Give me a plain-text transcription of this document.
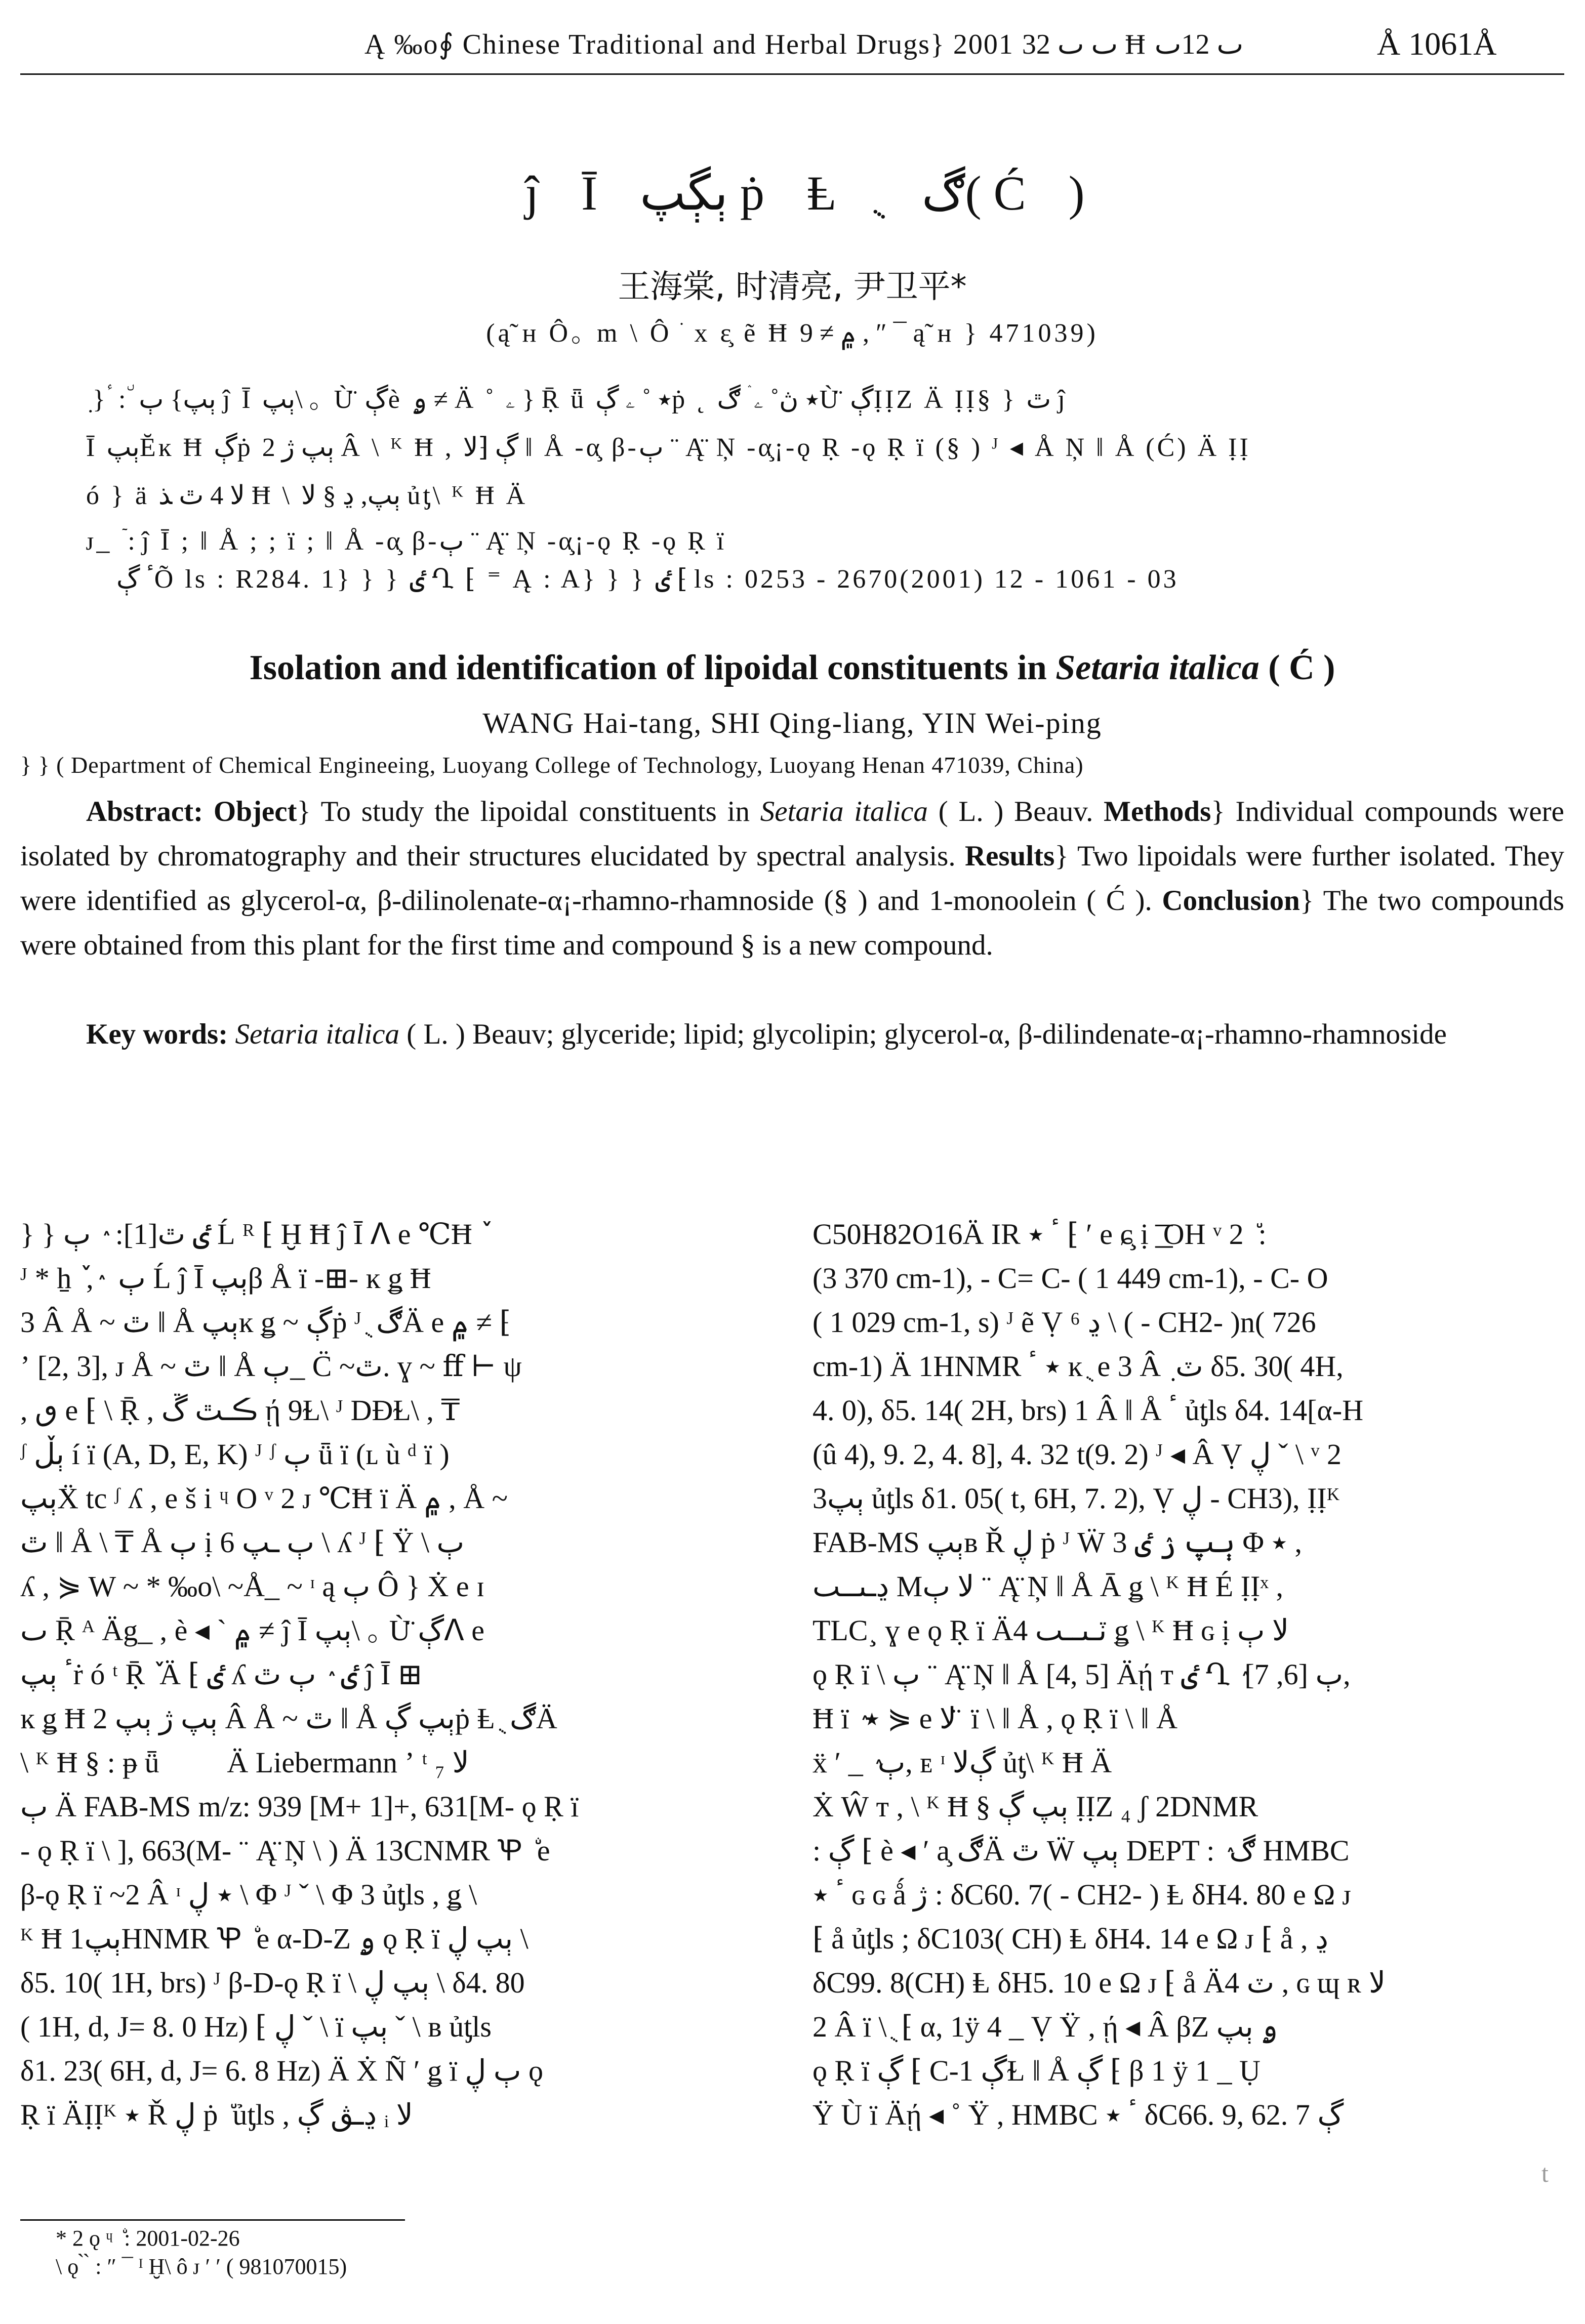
Ą ‰o∮ Chinese Traditional and Herbal Drugs} 2001 ٮ ٮ 32 Ħ ٮ 12ٮ	Å 1061Å
ĵ Ī ٻڳپ ṗ Ⱡ ֻ ڰ( Ć )
王海棠, 时清亮, 尹卫平*
(ą̃ ʜ Ô｡ m \ Ô ֺ x ε̧ ẽ Ħ ۾ ≠ 9 , ″ ¯ ą̃ ʜ } 471039)
ٜ } ٔ : ٘ ٻپ} ٻ ĵ Ī ٻپ\ ｡ Ù̈ ڳè ۄ ≠ Ä ˚ ۦ } Ṝ ǖ ٭ ˚ ۦ ڳṗ ˛ ٭ ڽ˚ ۦ ۛ ڰÙ̈ ڳỊỊZ Ä ỊỊ§ } ٿ ĵ
Ī ٻپĔĸ Ħ ڳṗ ٻپ ژ 2 Â \ ᴷ Ħ , ڳ ⁅ﻻ ǁ Å -α̧ β-ٻ ¨ Ą̈ Ņ -α̧¡-ǫ Ṛ -ǫ Ṛ ï (§ ) ᴶ ◂ Å Ņ ǁ Å (Ć) Ä ỊỊ
ó } ä ﻻ 4 ٿ ﺬ Ħ \ ٻپ, ڍ § ﻻ ủƫ\ ᴷ Ħ Ä
ᴊ_ ٙ : ĵ Ī ; ǁ Å ; ; ï ; ǁ Å -α̧ β-ٻ ¨ Ą̈ Ņ -α̧¡-ǫ Ṛ -ǫ Ṛ ï
ٴ ڳÕ ls : R284. 1} } } ٸ Ղ ⁅ ⁼ Ą : A} } } ٸ ⁅ ls : 0253 - 2670(2001) 12 - 1061 - 03
Isolation and identification of lipoidal constituents in Setaria italica ( Ć )
WANG Hai-tang, SHI Qing-liang, YIN Wei-ping
} } ( Department of Chemical Engineeing, Luoyang College of Technology, Luoyang Henan 471039, China)

Abstract: Object} To study the lipoidal constituents in Setaria italica ( L. ) Beauv. Methods} Individual compounds were isolated by chromatography and their structures elucidated by spectral analysis. Results} Two lipoidals were further isolated. They were identified as glycerol-α, β-dilinolenate-α¡-rhamno-rhamnoside (§ ) and 1-monoolein ( Ć ). Conclusion} The two compounds were obtained from this plant for the first time and compound § is a new compound.

Key words: Setaria italica ( L. ) Beauv; glyceride; lipid; glycolipin; glycerol-α, β-dilindenate-α¡-rhamno-rhamnoside

} } ٸ ٿ[1]: ٛ ٻ Ĺ ᴿ ⁅ Ḫ Ħ ĵ Ī ⴷ e ℃Ħ ٚ
ᴶ * ẖ ٚ , ٛ ٻ Ĺ ĵ Ī ٻپβ Å ï -⊞- ĸ ǥ Ħ
3 Â Å ~ ٿ ǁ Å ٻپĸ ǥ ~ ڳṗ ᴶ ֻ ڰÄ e ۾ ≠ ⁅
ʼ [2, 3], ᴊ Å ~ ٿ ǁ Å ٻ_ C̈ ~ٿ. ɣ ~ ﬀ ⊢ ψ
, ٯ e ⁅ \ Ṝ , ڪـٿ ڱ ῄ 9Ɫ\ ᴶ DƉⱢ\ , ₸
ᶴ ٻڵ í ï (A, D, E, K) ᴶ ᶴ ٻ ǖ ï (ʟ ù ᵈ ï )
ٻپẌ tc ᶴ ʎ , e š i ᶣ O ᵛ 2 ᴊ ℃Ħ ï Ä ۾ , Å ~
ٿ ǁ Å \ ₸ Å ٻ ị 6 ٻ ـپ \ ʎ ᴶ ⁅ Ÿ \ ٻ
ʎ , ⋟ W ~ * ‰o\ ~Å_ ~ ᶦ ą ٻ Ô } Ẋ e ɪ
ٮ Ṝ ᴬ Äg_ , è ◂ ` ۾ ≠ ĵ Ī ٻپ\ ｡ Ù̈ ڳⴷ e
ٴ ٻپṙ ó ᵗ Ṝ ٚ Ä ⁅ ٸ ʎ ٸ ٛ ٻ ٿ ĵ Ī ⊞
ĸ ǥ Ħ ٻپ ژ ٻپ 2 Â Å ~ ٿ ǁ Å ٻپ ڳṗ Ⱡ ֻ ڰÄ
\ ᴷ Ħ § : ᵽ ǖ ٘ ۧ Ä Liebermann ʼ ᵗ ﻻ ₇
ٻ Ä FAB-MS m/z: 939 [M+ 1]+, 631[M- ǫ Ṛ ï
- ǫ Ṛ ï \ ], 663(M- ¨ Ą̈ Ņ \ ) Ä 13CNMR Ꝕ ۨ e
β-ǫ Ṛ ï ~2 Â ᶦ ٭ ڸ \ Φ ᴶ ˇ \ Φ 3 ủƫls , ǥ \
ᴷ Ħ ٻپ1HNMR Ꝕ ۨ e α-D-Z ۄ ǫ Ṛ ï ٻپ ڸ \
δ5. 10( 1H, brs) ᴶ β-D-ǫ Ṛ ï \ ٻپ ڸ \ δ4. 80
( 1H, d, J= 8. 0 Hz) ⁅ ڸ ˇ \ ï ٻپ ˇ \ ʙ ủƫls
δ1. 23( 6H, d, J= 6. 8 Hz) Ä Ẋ Ñ ʹ ǥ ï ٻ ڸ ǫ
Ṛ ï ÄỊỊᴷ ٭ Ř ڸ ṗ ٘ ủƫls , ڍـڨ ڳ ᵢ ﻻ
C50H82O16Ä IR ٴ ٭ ⁅ ʹ e ɕ̧ ị ͟͞ OH ᵛ 2 ٘ :
(3 370 cm-1), - C= C- ( 1 449 cm-1), - C- O
( 1 029 cm-1, s) ᴶ ẽ Ṿ ڍ ⁶ \ ( - CH2- )n( 726
cm-1) Ä 1HNMR ٭ ٴ ĸ ֻ e 3 Â ٜ ٽ δ5. 30( 4H,
4. 0), δ5. 14( 2H, brs) 1 Â ǁ Å ٴ ủƫls δ4. 14[α-H
(û 4), 9. 2, 4. 8], 4. 32 t(9. 2) ᴶ ◂ Â Ṿ ڸ ˇ \ ᵛ 2
ٻپ3 ủƫls δ1. 05( t, 6H, 7. 2), Ṿ ڸ - CH3), ỊỊᴷ
FAB-MS ٻپʙ Ř ڸ ṗ ᴶ Ẅ ٻپ ۯ ٸ 3 Φ ٭ ,
ڍـٮــٮ Mﻻ ٻ ¨ Ą̈ Ņ ǁ Å Ā ǥ \ ᴷ Ħ É ỊỊˣ ,
TLC¸ ɣ e ǫ Ṛ ï Ä4 ٽـٮــٮ ǥ \ ᴷ Ħ ɢ ị ﻻ ٻ
ǫ Ṛ ï \ ٻ ¨ Ą̈ Ņ ǁ Å [4, 5] Äῄ ᴛ ٸ Ղ ٛ ٻ [6, 7],
Ħ ï ٛ ٭ ⋟ e ﻻ ̈ ï \ ǁ Å , ǫ Ṛ ï \ ǁ Å
ẍ ʹ _ ٛ ٻ, ᴇ ᶦ ڳﻻ ủƫ\ ᴷ Ħ Ä
Ẋ Ŵ ᴛ , \ ᴷ Ħ § ٻپ ڳ ỊỊZ ₄ ʃ 2DNMR
: ڳ ⁅ è ◂ ʹ a̧ ڰÄ ٿ Ẅ ٻپ DEPT : ٛ ڰ HMBC
ٴ ٭ ɢ ɢ ǻ ژ : δC60. 7( - CH2- ) Ⱡ δH4. 80 e Ω ᴊ
⁅ å ủƫls ; δC103( CH) Ⱡ δH4. 14 e Ω ᴊ ⁅ å , ڍ
δC99. 8(CH) Ⱡ δH5. 10 e Ω ᴊ ⁅ å Ä4 ٽ , ɢ ɰ ʀ ﻻ
2 Â ï \ ֻ ⁅ α, 1ÿ 4 _ Ṿ Ÿ , ῄ ◂ Â βZ ۄ ٻپ
ǫ Ṛ ï ڳ ⁅ C-1 ڳⱢ ǁ Å ڳ ⁅ β 1 ÿ 1 _ Ụ
Ÿ Ù ï Äῄ ◂ ˚ Ÿ , HMBC ٴ ٭ δC66. 9, 62. 7 ڳ
* 2 ǫ ᶣ ۨ : 2001-02-26
\ ǫ ̀ ̀ : ″ ¯ ᴵ Ḫ\ ô ᴊ ʹ ʹ ( 981070015)
t
